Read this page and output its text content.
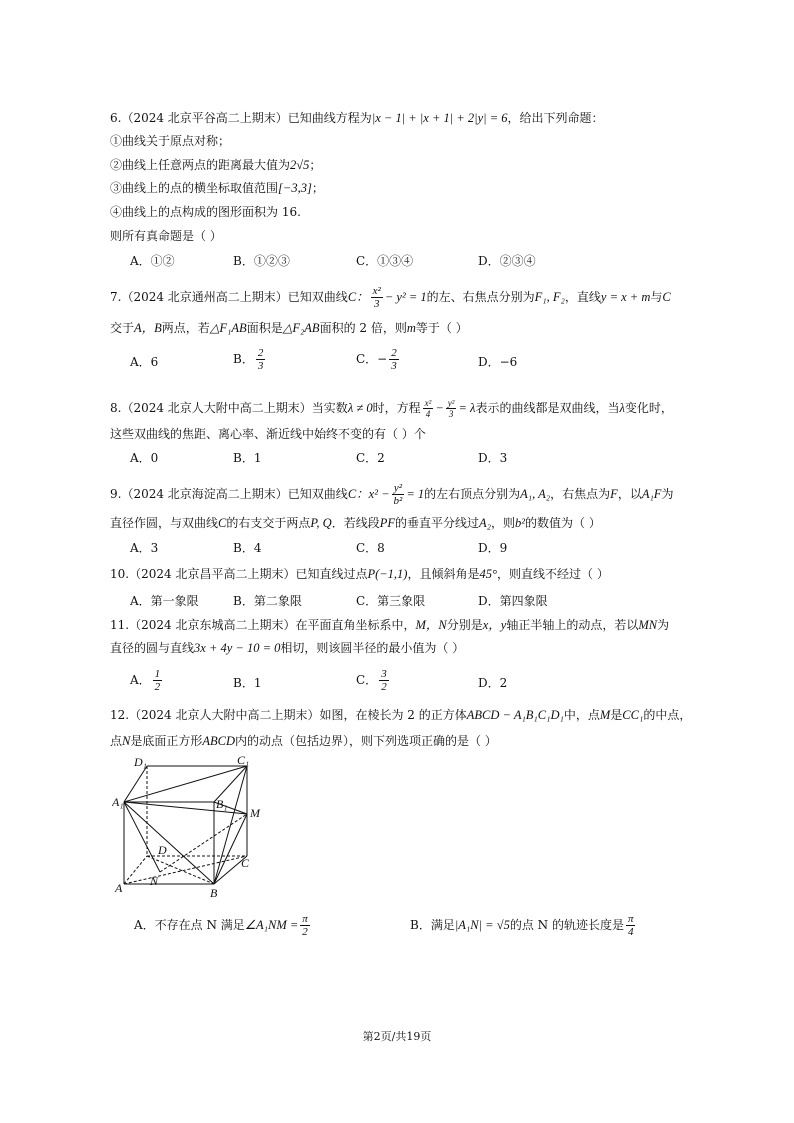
6.（2024 北京平谷高二上期末）已知曲线方程为|x − 1| + |x + 1| + 2|y| = 6，给出下列命题：
①曲线关于原点对称；
②曲线上任意两点的距离最大值为2√5；
③曲线上的点的横坐标取值范围[−3,3]；
④曲线上的点构成的图形面积为 16.
则所有真命题是（ ）
A．①②	B．①②③	C．①③④	D．②③④
7.（2024 北京通州高二上期末）已知双曲线C： $\frac{\text{x²}}{3} - y^2 = 1$的左、右焦点分别为F₁, F₂，直线y = x + m与C
交于A，B两点，若△F₁AB面积是△F₂AB面积的 2 倍，则m等于（ ）
A．6	B． $\frac{2}{3}$	C．− $\frac{2}{3}$	D．−6
8.（2024 北京人大附中高二上期末）当实数λ ≠ 0时，方程 $\frac{\text{x²}}{4} - \frac{\text{y²}}{3} = \lambda$表示的曲线都是双曲线，当λ变化时，
这些双曲线的焦距、离心率、渐近线中始终不变的有（ ）个
A．0	B．1	C．2	D．3
9.（2024 北京海淀高二上期末）已知双曲线C：$x^2 - \frac{\text{y²}}{\text{b²}} = 1$的左右顶点分别为A₁, A₂，右焦点为F，以A₁F为
直径作圆，与双曲线C的右支交于两点P, Q．若线段PF的垂直平分线过A₂，则b²的数值为（ ）
A．3	B．4	C．8	D．9
10.（2024 北京昌平高二上期末）已知直线过点P(−1,1)，且倾斜角是45°，则直线不经过（ ）
A．第一象限	B．第二象限	C．第三象限	D．第四象限
11.（2024 北京东城高二上期末）在平面直角坐标系中，M，N分别是x，y轴正半轴上的动点，若以MN为
直径的圆与直线3x + 4y − 10 = 0相切，则该圆半径的最小值为（ ）
A． $\frac{1}{2}$	B．1	C． $\frac{3}{2}$	D．2
12.（2024 北京人大附中高二上期末）如图，在棱长为 2 的正方体ABCD − A₁B₁C₁D₁中，点M是CC₁的中点，
点N是底面正方形ABCD内的动点（包括边界），则下列选项正确的是（ ）
D₁	C₁
A₁	B₁
M
D
C
A N
B
A．不存在点 N 满足∠A₁NM = $\frac{\pi}{2}$	B．满足|A₁N| = √5的点 N 的轨迹长度是 $\frac{\pi}{4}$
第2页/共19页
